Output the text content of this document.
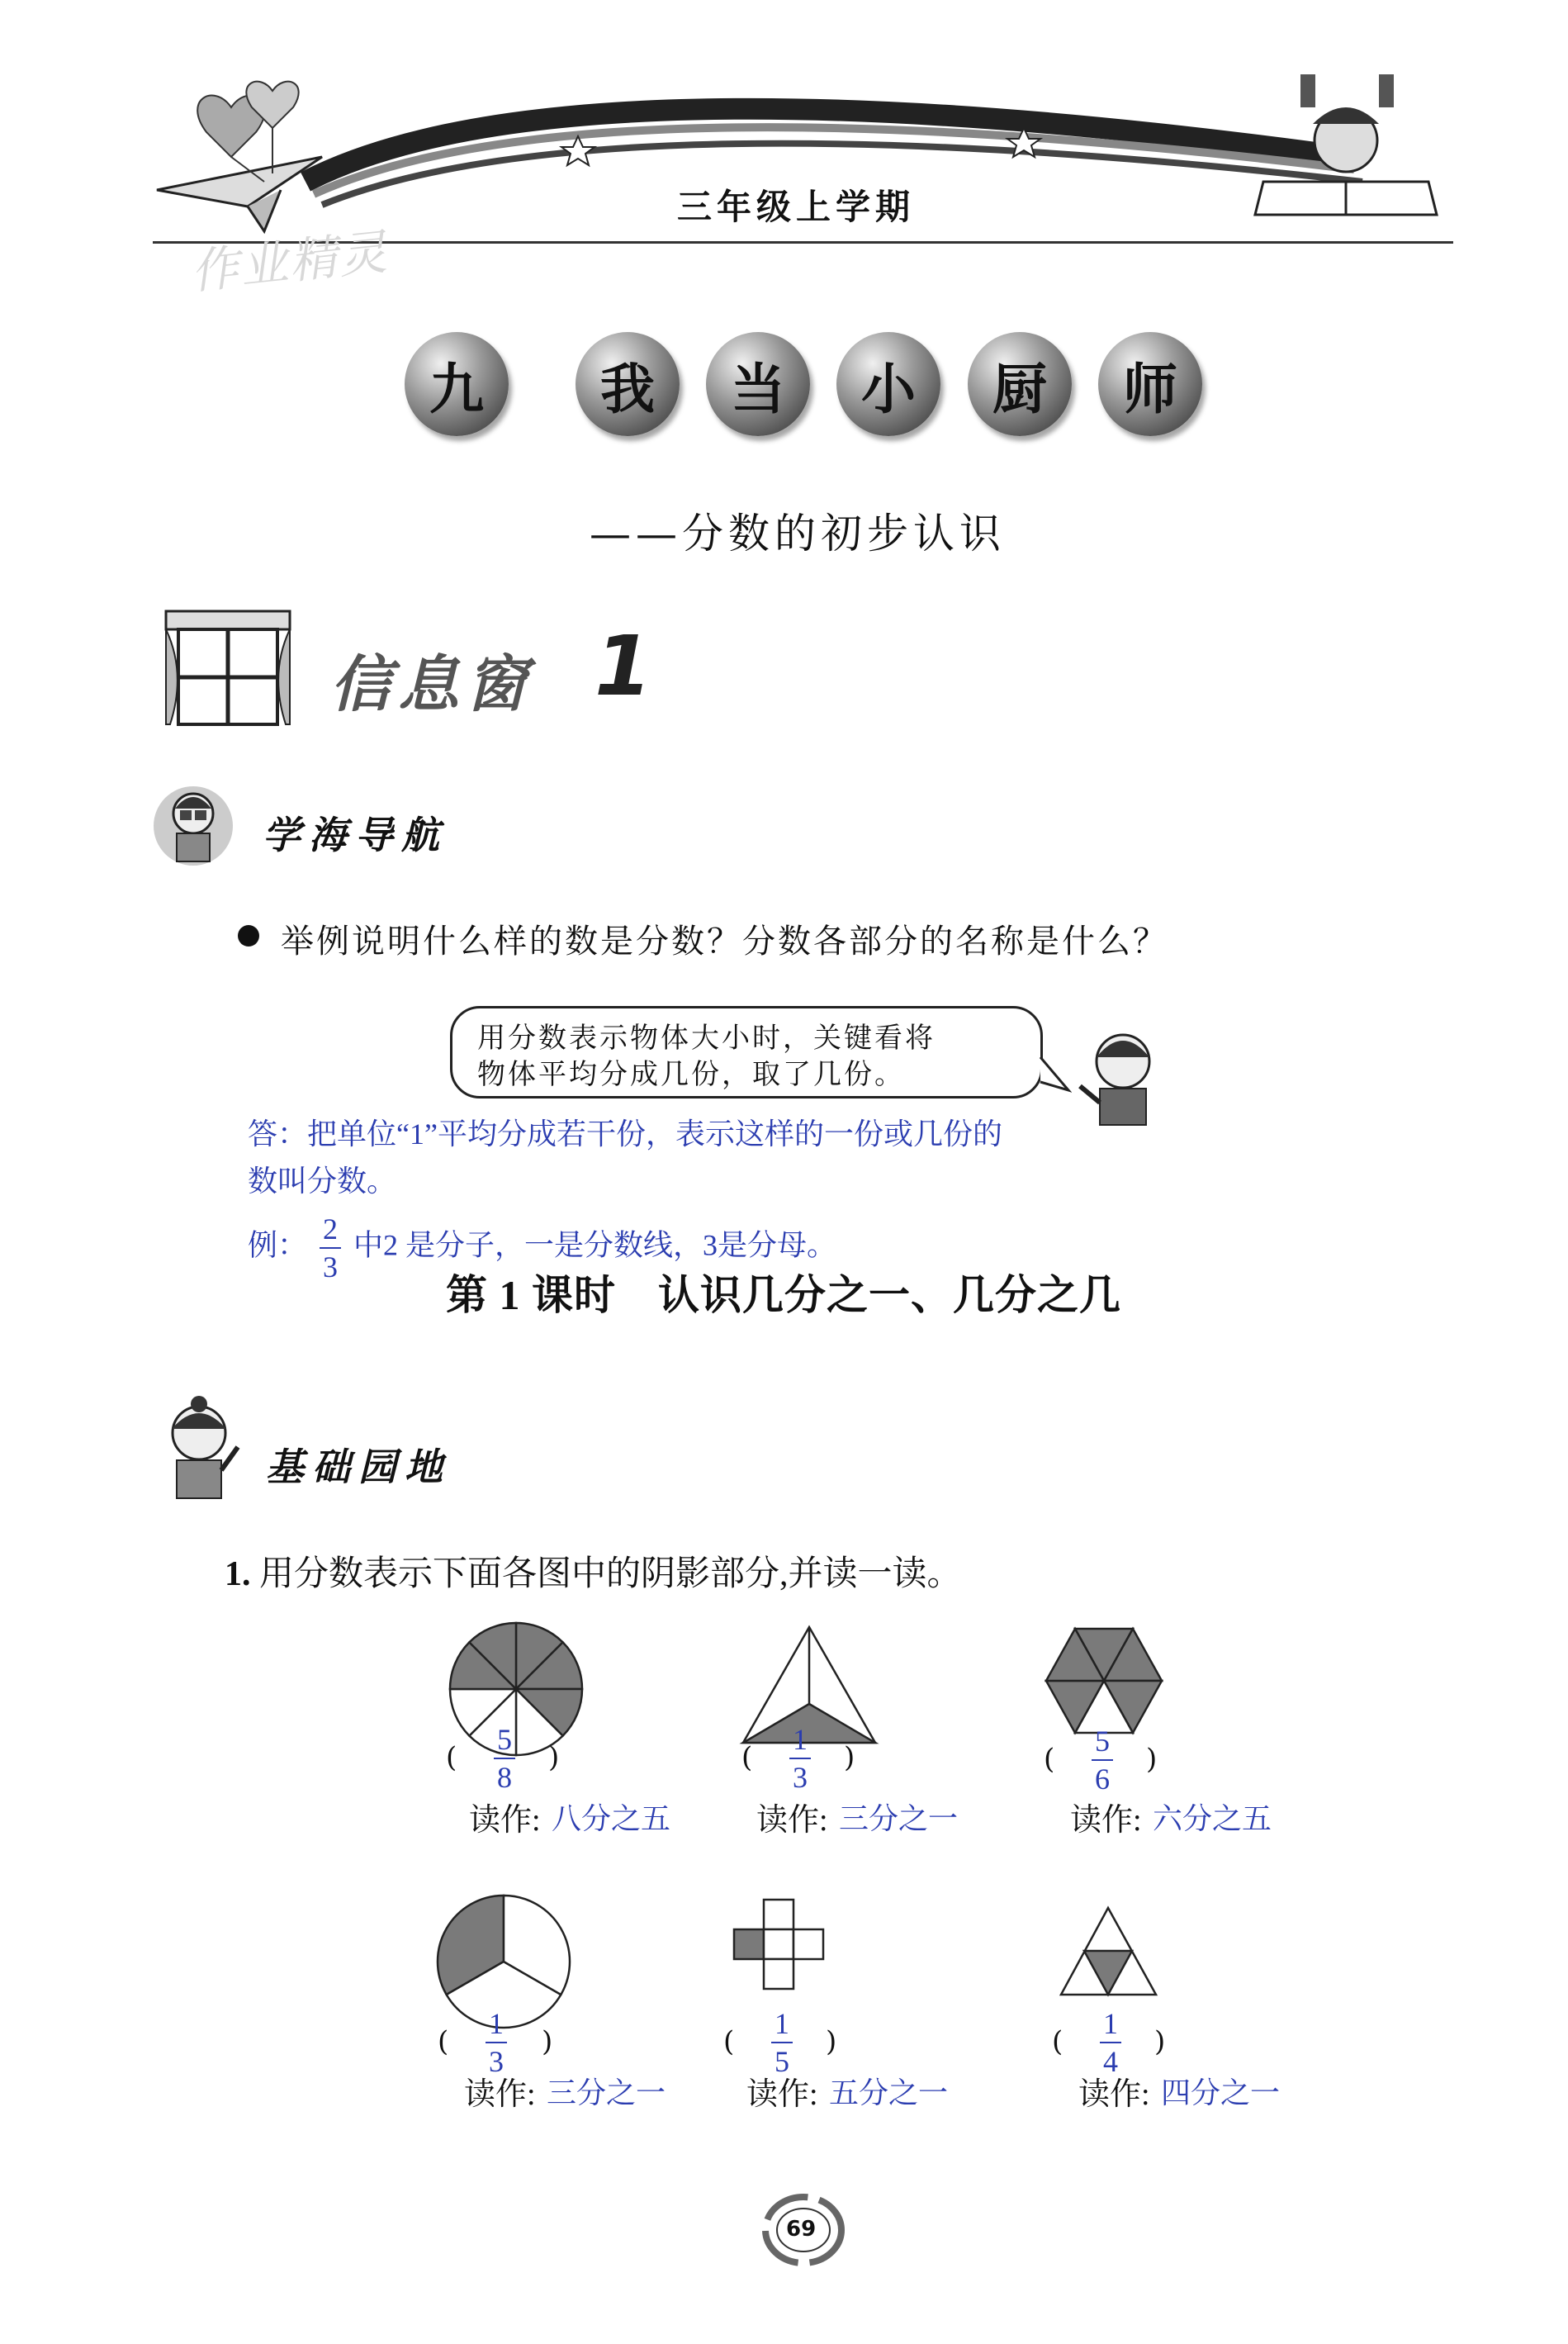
三年级上学期
作业精灵
九	我	当	小	厨	师
——分数的初步认识
信息窗 1
学海导航
举例说明什么样的数是分数？分数各部分的名称是什么？
用分数表示物体大小时，关键看将
物体平均分成几份，取了几份。
答：把单位“1”平均分成若干份，表示这样的一份或几份的
数叫分数。
例： $\frac{2}{3}$ 中2 是分子，一是分数线，3是分母。
第 1 课时　认识几分之一、几分之几
基础园地
1. 用分数表示下面各图中的阴影部分,并读一读。
( $\frac{5}{8}$ )
读作: 八分之五
( $\frac{1}{3}$ )
读作: 三分之一
( $\frac{5}{6}$ )
读作: 六分之五
( $\frac{1}{3}$ )
读作: 三分之一
( $\frac{1}{5}$ )
读作: 五分之一
( $\frac{1}{4}$ )
读作: 四分之一
69
